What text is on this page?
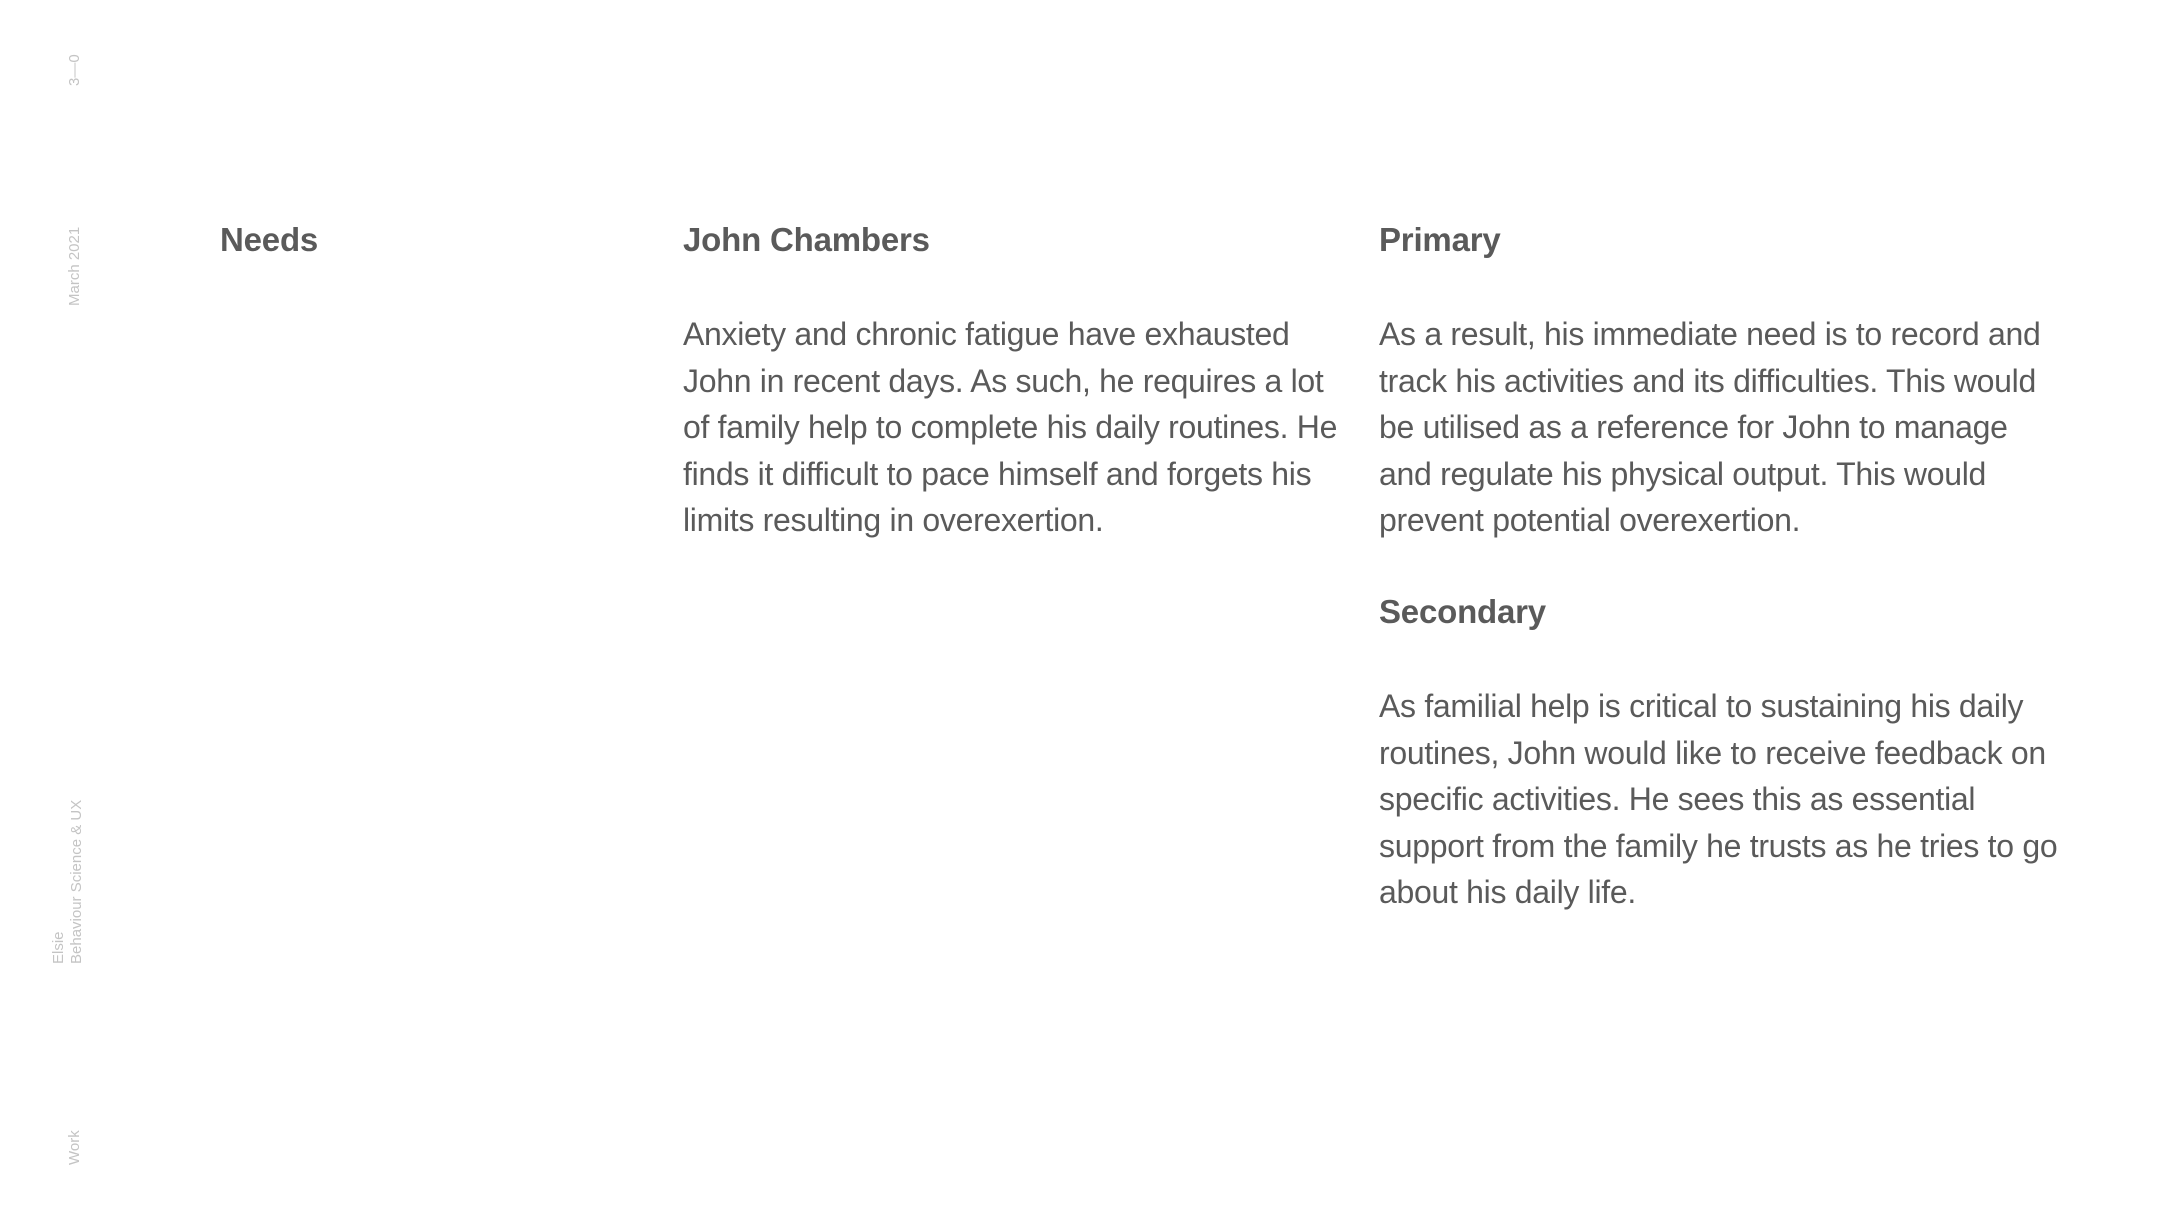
3—0
March 2021
Elsie Behaviour Science & UX
Work
Needs	John Chambers
Anxiety and chronic fatigue have exhausted John in recent days. As such, he requires a lot of family help to complete his daily routines. He finds it difficult to pace himself and forgets his limits resulting in overexertion.
Primary
As a result, his immediate need is to record and track his activities and its difficulties. This would be utilised as a reference for John to manage and regulate his physical output. This would prevent potential overexertion.
Secondary
As familial help is critical to sustaining his daily routines, John would like to receive feedback on specific activities. He sees this as essential support from the family he trusts as he tries to go about his daily life.
